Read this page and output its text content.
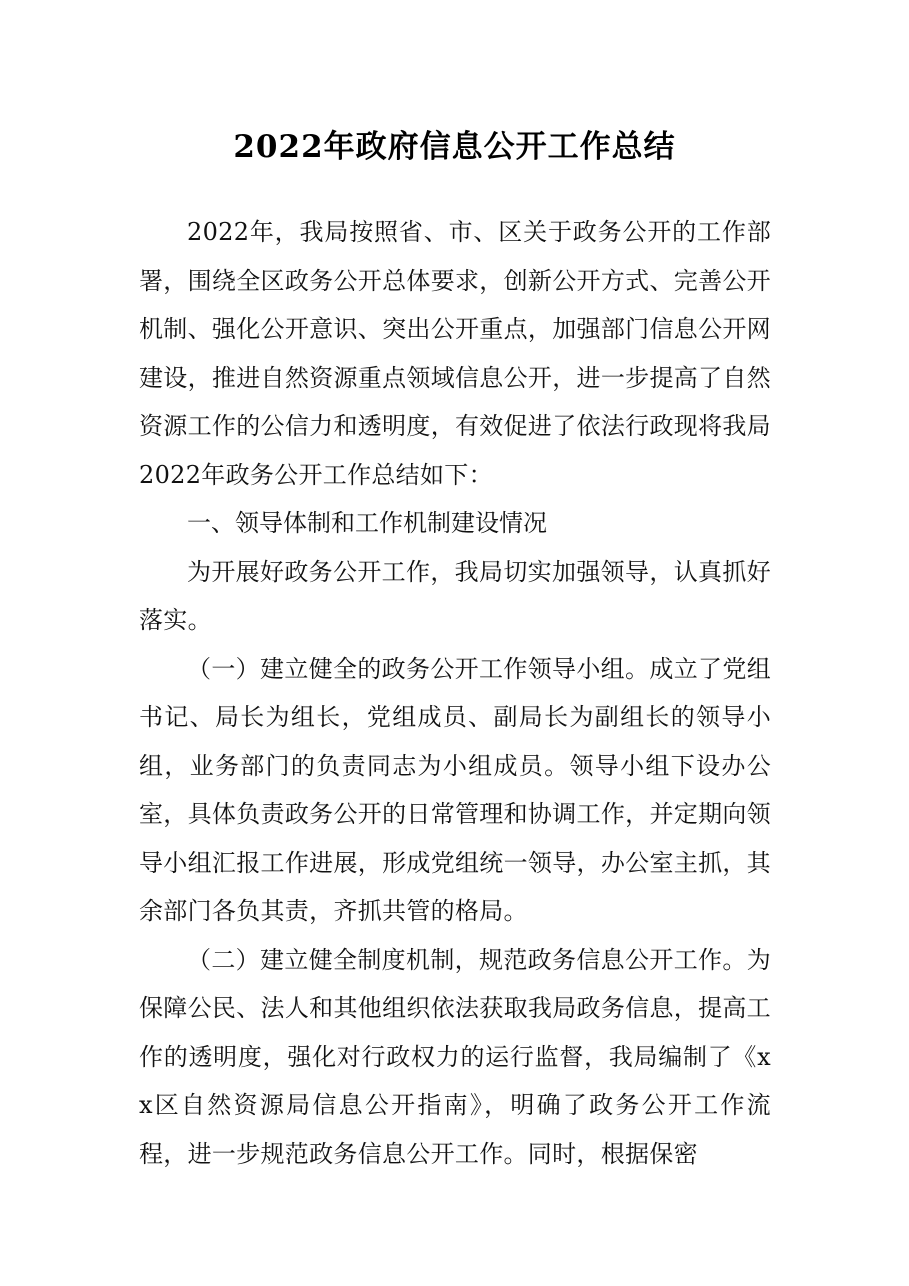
2022年政府信息公开工作总结

2022年，我局按照省、市、区关于政务公开的工作部署，围绕全区政务公开总体要求，创新公开方式、完善公开机制、强化公开意识、突出公开重点，加强部门信息公开网建设，推进自然资源重点领域信息公开，进一步提高了自然资源工作的公信力和透明度，有效促进了依法行政现将我局2022年政务公开工作总结如下：

一、领导体制和工作机制建设情况

为开展好政务公开工作，我局切实加强领导，认真抓好落实。

（一）建立健全的政务公开工作领导小组。成立了党组书记、局长为组长，党组成员、副局长为副组长的领导小组，业务部门的负责同志为小组成员。领导小组下设办公室，具体负责政务公开的日常管理和协调工作，并定期向领导小组汇报工作进展，形成党组统一领导，办公室主抓，其余部门各负其责，齐抓共管的格局。

（二）建立健全制度机制，规范政务信息公开工作。为保障公民、法人和其他组织依法获取我局政务信息，提高工作的透明度，强化对行政权力的运行监督，我局编制了《xx区自然资源局信息公开指南》，明确了政务公开工作流程，进一步规范政务信息公开工作。同时，根据保密
